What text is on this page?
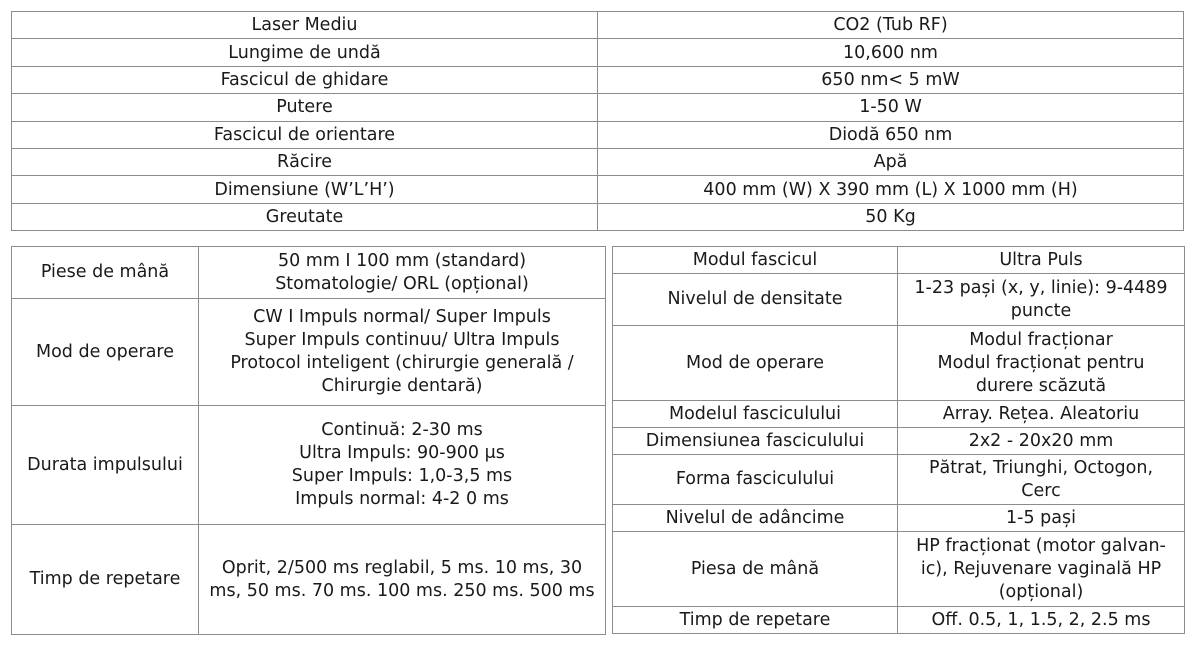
Laser Mediu	CO2 (Tub RF)
Lungime de undă	10,600 nm
Fascicul de ghidare	650 nm< 5 mW
Putere	1-50 W
Fascicul de orientare	Diodă 650 nm
Răcire	Apă
Dimensiune (W’L’H’)	400 mm (W) X 390 mm (L) X 1000 mm (H)
Greutate	50 Kg
Piese de mână	50 mm I 100 mm (standard)
Stomatologie/ ORL (opțional)

Mod de operare	CW I Impuls normal/ Super Impuls
Super Impuls continuu/ Ultra Impuls
Protocol inteligent (chirurgie generală /
Chirurgie dentară)

Durata impulsului	Continuă: 2-30 ms
Ultra Impuls: 90-900 μs
Super Impuls: 1,0-3,5 ms
Impuls normal: 4-2 0 ms

Timp de repetare	Oprit, 2/500 ms reglabil, 5 ms. 10 ms, 30
ms, 50 ms. 70 ms. 100 ms. 250 ms. 500 ms
Modul fascicul	Ultra Puls

Nivelul de densitate	1-23 pași (x, y, linie): 9-4489
puncte

Mod de operare	Modul fracționar
Modul fracționat pentru
durere scăzută

Modelul fasciculului	Array. Rețea. Aleatoriu

Dimensiunea fasciculului	2x2 - 20x20 mm

Forma fasciculului	Pătrat, Triunghi, Octogon,
Cerc

Nivelul de adâncime	1-5 pași

Piesa de mână	HP fracționat (motor galvan-
ic), Rejuvenare vaginală HP
(opțional)

Timp de repetare	Off. 0.5, 1, 1.5, 2, 2.5 ms
